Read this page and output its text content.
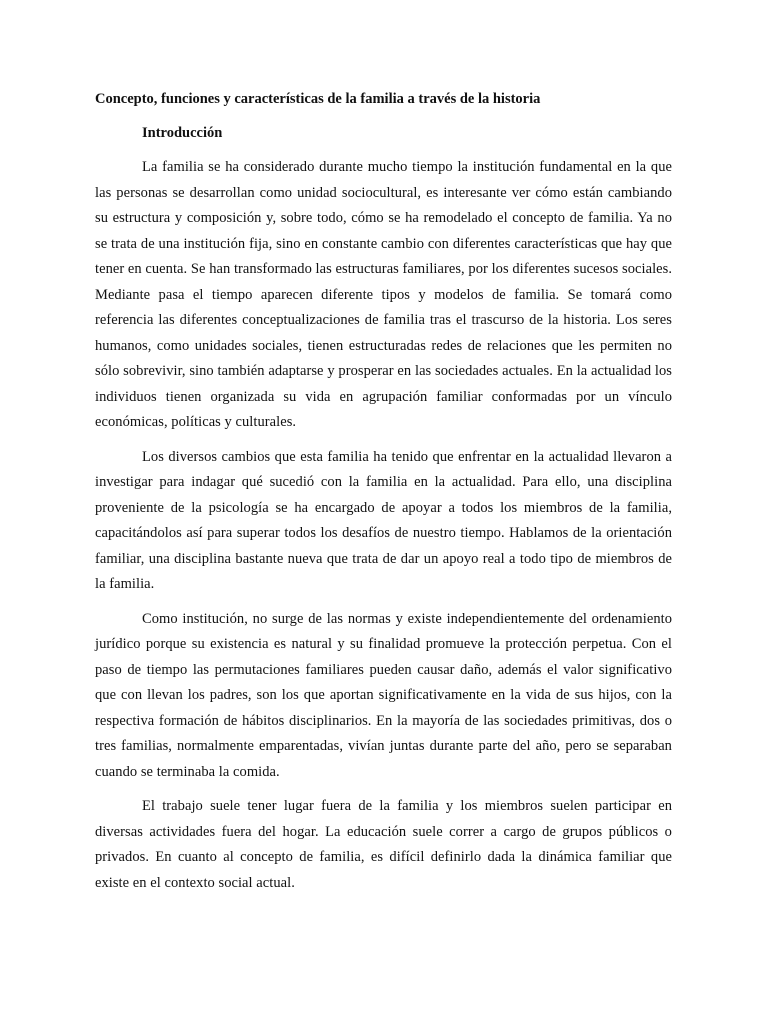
Concepto, funciones y características de la familia a través de la historia
Introducción

La familia se ha considerado durante mucho tiempo la institución fundamental en la que las personas se desarrollan como unidad sociocultural, es interesante ver cómo están cambiando su estructura y composición y, sobre todo, cómo se ha remodelado el concepto de familia. Ya no se trata de una institución fija, sino en constante cambio con diferentes características que hay que tener en cuenta. Se han transformado las estructuras familiares, por los diferentes sucesos sociales. Mediante pasa el tiempo aparecen diferente tipos y modelos de familia. Se tomará como referencia las diferentes conceptualizaciones de familia tras el trascurso de la historia. Los seres humanos, como unidades sociales, tienen estructuradas redes de relaciones que les permiten no sólo sobrevivir, sino también adaptarse y prosperar en las sociedades actuales. En la actualidad los individuos tienen organizada su vida en agrupación familiar conformadas por un vínculo económicas, políticas y culturales.

Los diversos cambios que esta familia ha tenido que enfrentar en la actualidad llevaron a investigar para indagar qué sucedió con la familia en la actualidad. Para ello, una disciplina proveniente de la psicología se ha encargado de apoyar a todos los miembros de la familia, capacitándolos así para superar todos los desafíos de nuestro tiempo. Hablamos de la orientación familiar, una disciplina bastante nueva que trata de dar un apoyo real a todo tipo de miembros de la familia.

Como institución, no surge de las normas y existe independientemente del ordenamiento jurídico porque su existencia es natural y su finalidad promueve la protección perpetua. Con el paso de tiempo las permutaciones familiares pueden causar daño, además el valor significativo que con llevan los padres, son los que aportan significativamente en la vida de sus hijos, con la respectiva formación de hábitos disciplinarios. En la mayoría de las sociedades primitivas, dos o tres familias, normalmente emparentadas, vivían juntas durante parte del año, pero se separaban cuando se terminaba la comida.

El trabajo suele tener lugar fuera de la familia y los miembros suelen participar en diversas actividades fuera del hogar. La educación suele correr a cargo de grupos públicos o privados. En cuanto al concepto de familia, es difícil definirlo dada la dinámica familiar que existe en el contexto social actual.
